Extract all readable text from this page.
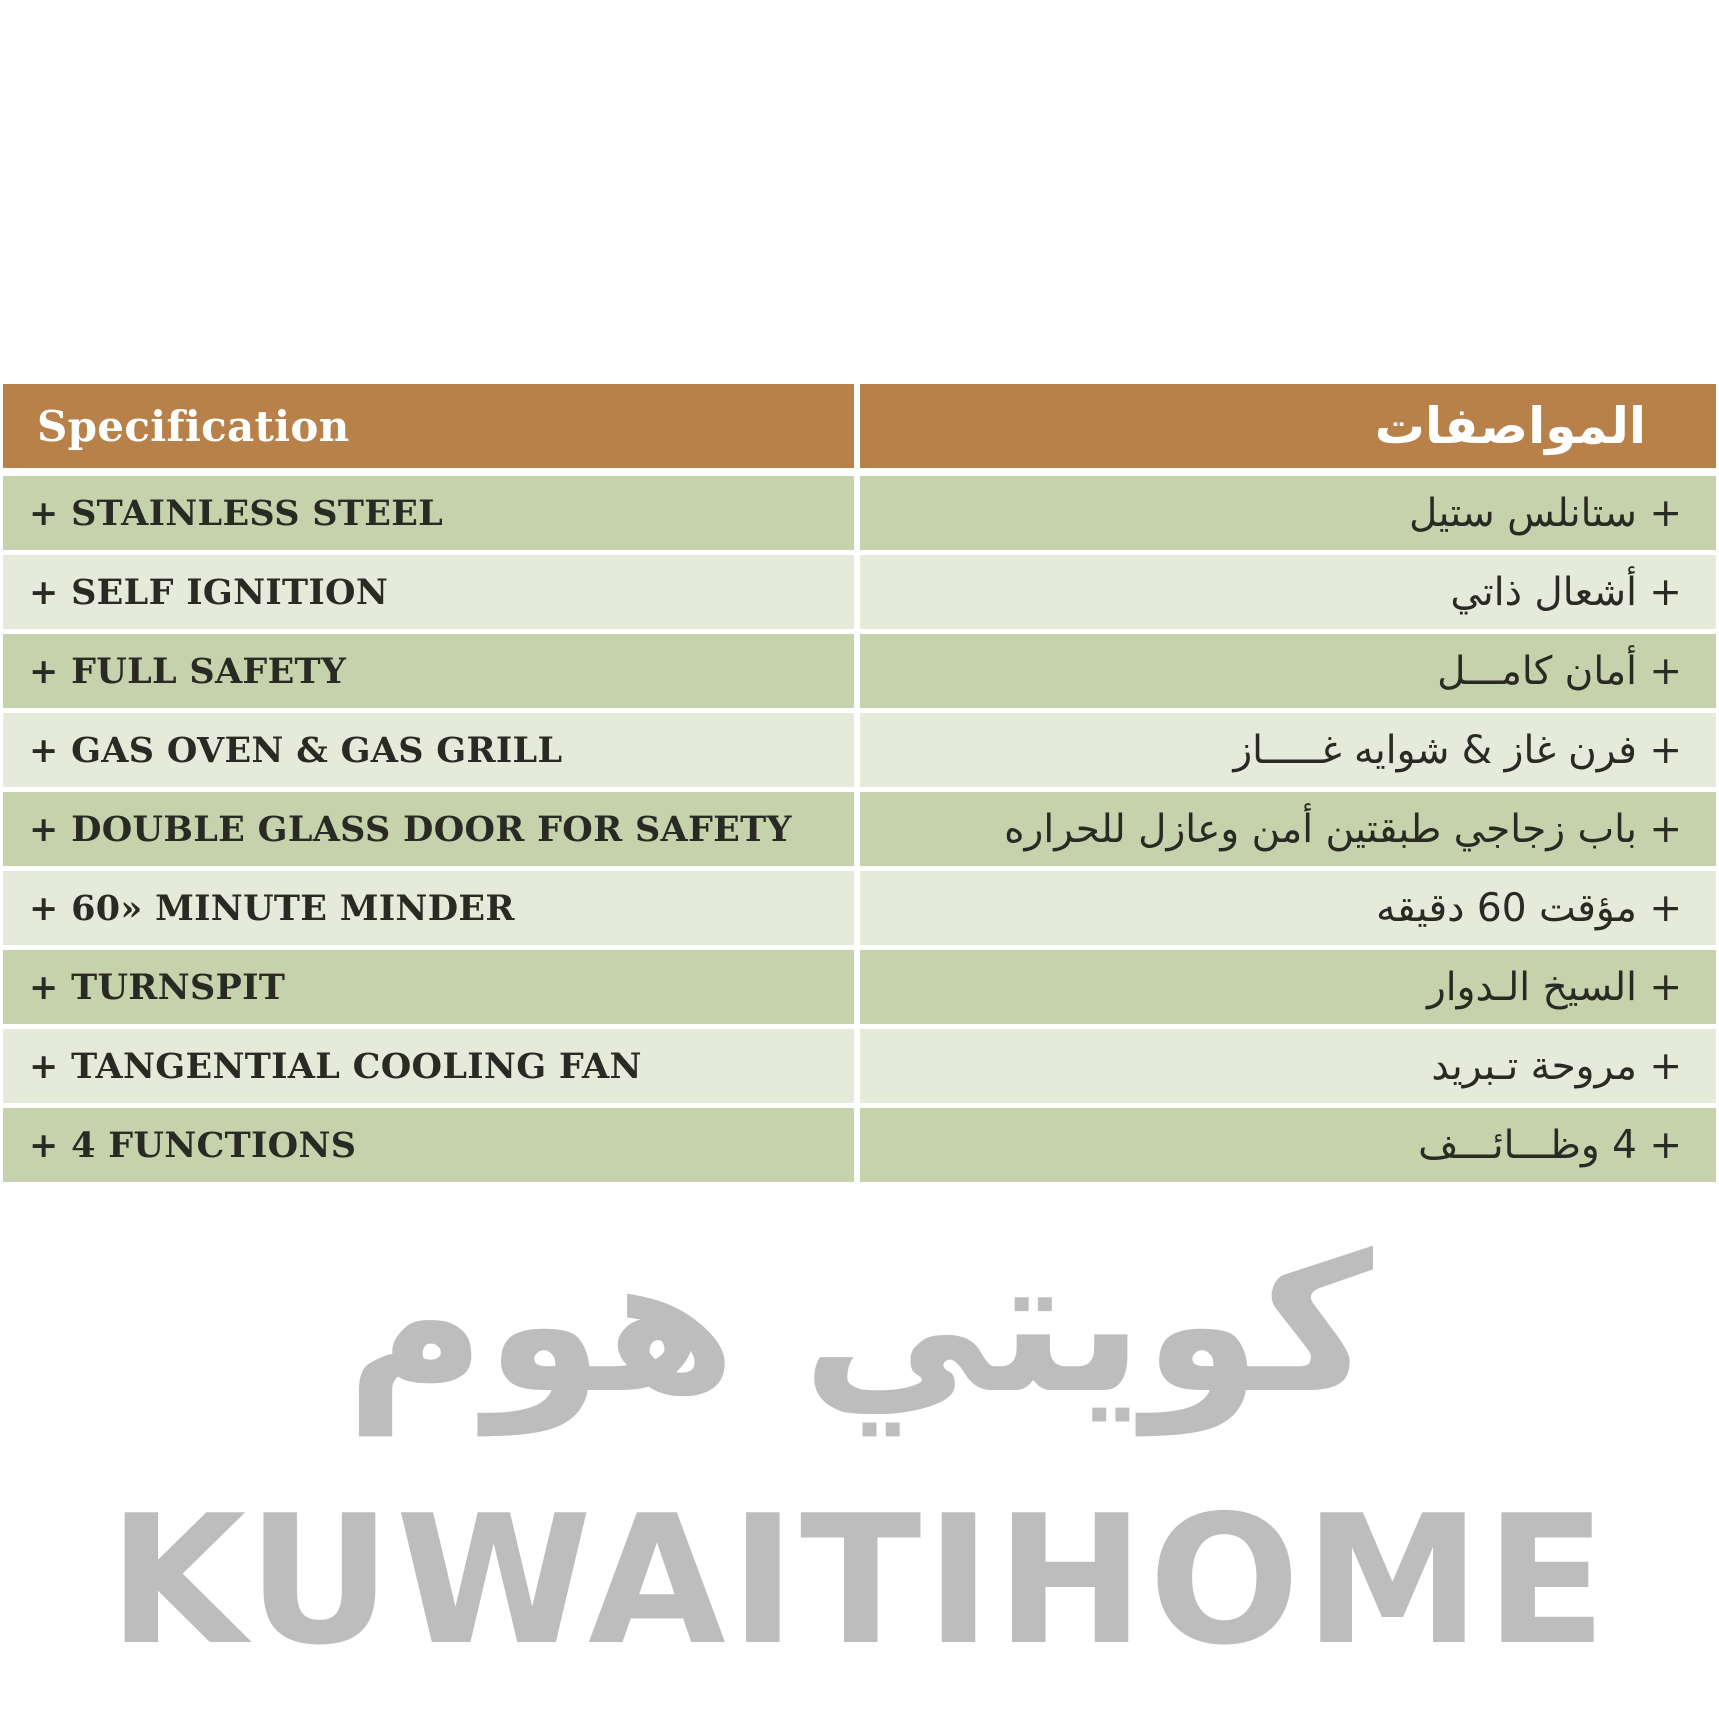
Specification	المواصفات
+ STAINLESS STEEL	+ ستانلس ستيل
+ SELF IGNITION	+ أشعال ذاتي
+ FULL SAFETY	+ أمان كامـــل
+ GAS OVEN & GAS GRILL	+ فرن غاز & شوايه غـــــاز
+ DOUBLE GLASS DOOR FOR SAFETY	+ باب زجاجي طبقتين أمن وعازل للحراره
+ 60» MINUTE MINDER	+ مؤقت 60 دقيقه
+ TURNSPIT	+ السيخ الـدوار
+ TANGENTIAL COOLING FAN	+ مروحة تـبريد
+ 4 FUNCTIONS	+ 4 وظـــائـــف
كويتي هوم
KUWAITIHOME
